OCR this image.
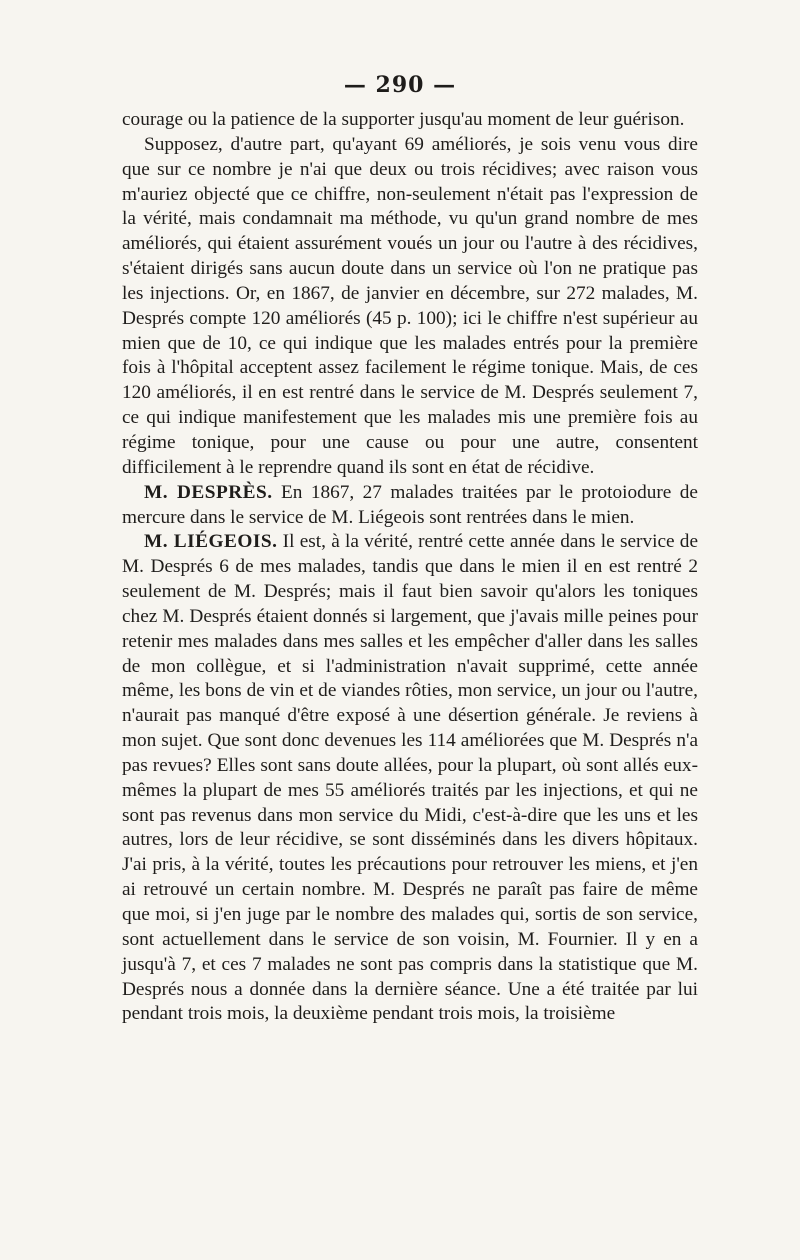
— 290 —

courage ou la patience de la supporter jusqu'au moment de leur guérison.

Supposez, d'autre part, qu'ayant 69 améliorés, je sois venu vous dire que sur ce nombre je n'ai que deux ou trois récidives; avec raison vous m'auriez objecté que ce chiffre, non-seulement n'était pas l'expression de la vérité, mais condamnait ma méthode, vu qu'un grand nombre de mes améliorés, qui étaient assurément voués un jour ou l'autre à des récidives, s'étaient dirigés sans aucun doute dans un service où l'on ne pratique pas les injections. Or, en 1867, de janvier en décembre, sur 272 malades, M. Després compte 120 améliorés (45 p. 100); ici le chiffre n'est supérieur au mien que de 10, ce qui indique que les malades entrés pour la première fois à l'hôpital acceptent assez facilement le régime tonique. Mais, de ces 120 améliorés, il en est rentré dans le service de M. Després seulement 7, ce qui indique manifestement que les malades mis une première fois au régime tonique, pour une cause ou pour une autre, consentent difficilement à le reprendre quand ils sont en état de récidive.

M. DESPRÈS. En 1867, 27 malades traitées par le protoiodure de mercure dans le service de M. Liégeois sont rentrées dans le mien.

M. LIÉGEOIS. Il est, à la vérité, rentré cette année dans le service de M. Després 6 de mes malades, tandis que dans le mien il en est rentré 2 seulement de M. Després; mais il faut bien savoir qu'alors les toniques chez M. Després étaient donnés si largement, que j'avais mille peines pour retenir mes malades dans mes salles et les empêcher d'aller dans les salles de mon collègue, et si l'administration n'avait supprimé, cette année même, les bons de vin et de viandes rôties, mon service, un jour ou l'autre, n'aurait pas manqué d'être exposé à une désertion générale. Je reviens à mon sujet. Que sont donc devenues les 114 améliorées que M. Després n'a pas revues? Elles sont sans doute allées, pour la plupart, où sont allés eux-mêmes la plupart de mes 55 améliorés traités par les injections, et qui ne sont pas revenus dans mon service du Midi, c'est-à-dire que les uns et les autres, lors de leur récidive, se sont disséminés dans les divers hôpitaux. J'ai pris, à la vérité, toutes les précautions pour retrouver les miens, et j'en ai retrouvé un certain nombre. M. Després ne paraît pas faire de même que moi, si j'en juge par le nombre des malades qui, sortis de son service, sont actuellement dans le service de son voisin, M. Fournier. Il y en a jusqu'à 7, et ces 7 malades ne sont pas compris dans la statistique que M. Després nous a donnée dans la dernière séance. Une a été traitée par lui pendant trois mois, la deuxième pendant trois mois, la troisième
